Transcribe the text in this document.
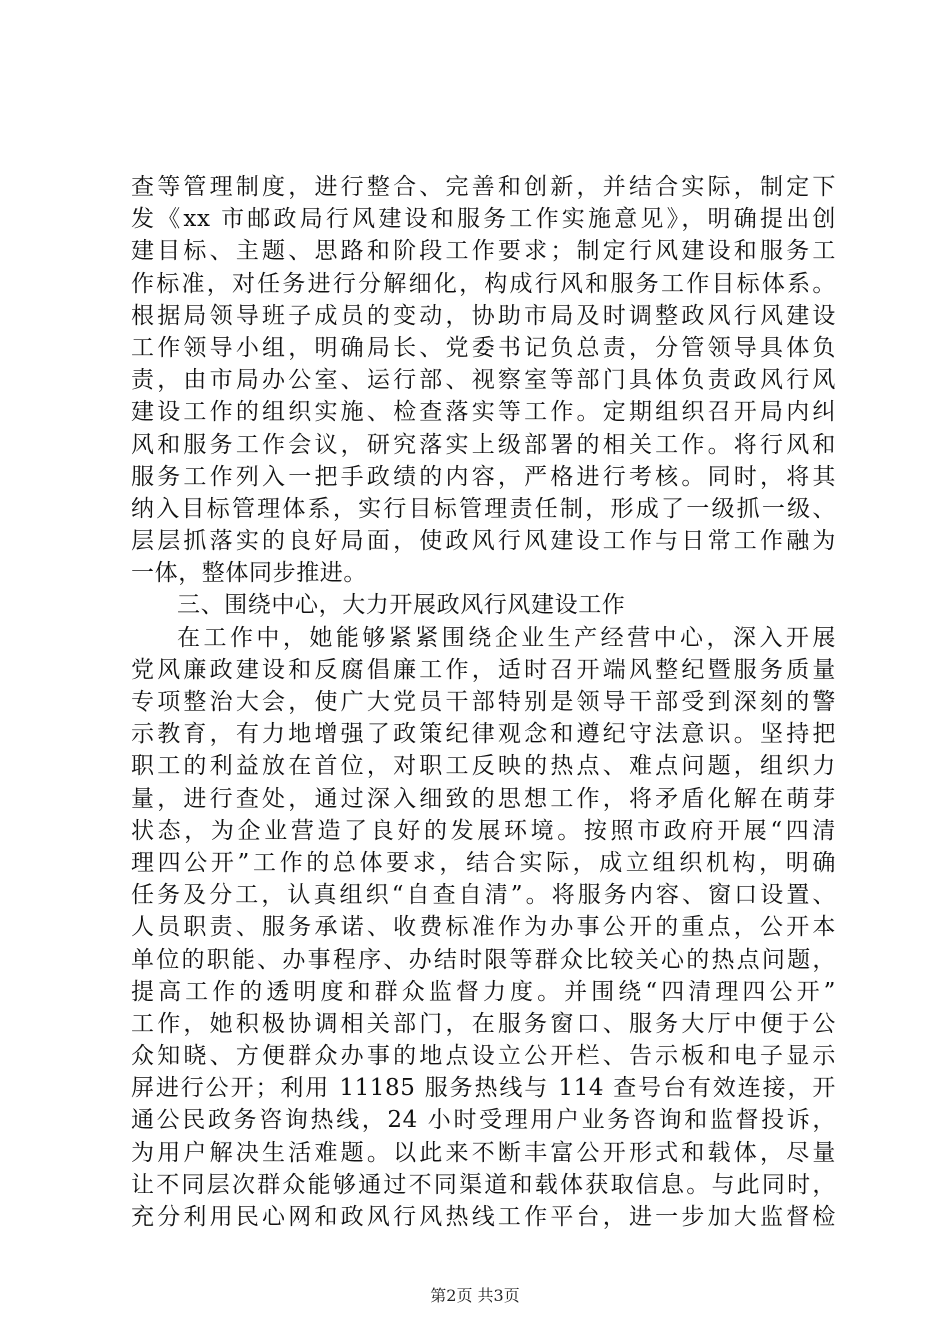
查等管理制度，进行整合、完善和创新，并结合实际，制定下
发《xx 市邮政局行风建设和服务工作实施意见》，明确提出创
建目标、主题、思路和阶段工作要求；制定行风建设和服务工
作标准，对任务进行分解细化，构成行风和服务工作目标体系。
根据局领导班子成员的变动，协助市局及时调整政风行风建设
工作领导小组，明确局长、党委书记负总责，分管领导具体负
责，由市局办公室、运行部、视察室等部门具体负责政风行风
建设工作的组织实施、检查落实等工作。定期组织召开局内纠
风和服务工作会议，研究落实上级部署的相关工作。将行风和
服务工作列入一把手政绩的内容，严格进行考核。同时，将其
纳入目标管理体系，实行目标管理责任制，形成了一级抓一级、
层层抓落实的良好局面，使政风行风建设工作与日常工作融为
一体，整体同步推进。
三、围绕中心，大力开展政风行风建设工作
在工作中，她能够紧紧围绕企业生产经营中心，深入开展
党风廉政建设和反腐倡廉工作，适时召开端风整纪暨服务质量
专项整治大会，使广大党员干部特别是领导干部受到深刻的警
示教育，有力地增强了政策纪律观念和遵纪守法意识。坚持把
职工的利益放在首位，对职工反映的热点、难点问题，组织力
量，进行查处，通过深入细致的思想工作，将矛盾化解在萌芽
状态，为企业营造了良好的发展环境。按照市政府开展“四清
理四公开”工作的总体要求，结合实际，成立组织机构，明确
任务及分工，认真组织“自查自清”。将服务内容、窗口设置、
人员职责、服务承诺、收费标准作为办事公开的重点，公开本
单位的职能、办事程序、办结时限等群众比较关心的热点问题，
提高工作的透明度和群众监督力度。并围绕“四清理四公开”
工作，她积极协调相关部门，在服务窗口、服务大厅中便于公
众知晓、方便群众办事的地点设立公开栏、告示板和电子显示
屏进行公开；利用 11185 服务热线与 114 查号台有效连接，开
通公民政务咨询热线，24 小时受理用户业务咨询和监督投诉，
为用户解决生活难题。以此来不断丰富公开形式和载体，尽量
让不同层次群众能够通过不同渠道和载体获取信息。与此同时，
充分利用民心网和政风行风热线工作平台，进一步加大监督检
第2页 共3页
